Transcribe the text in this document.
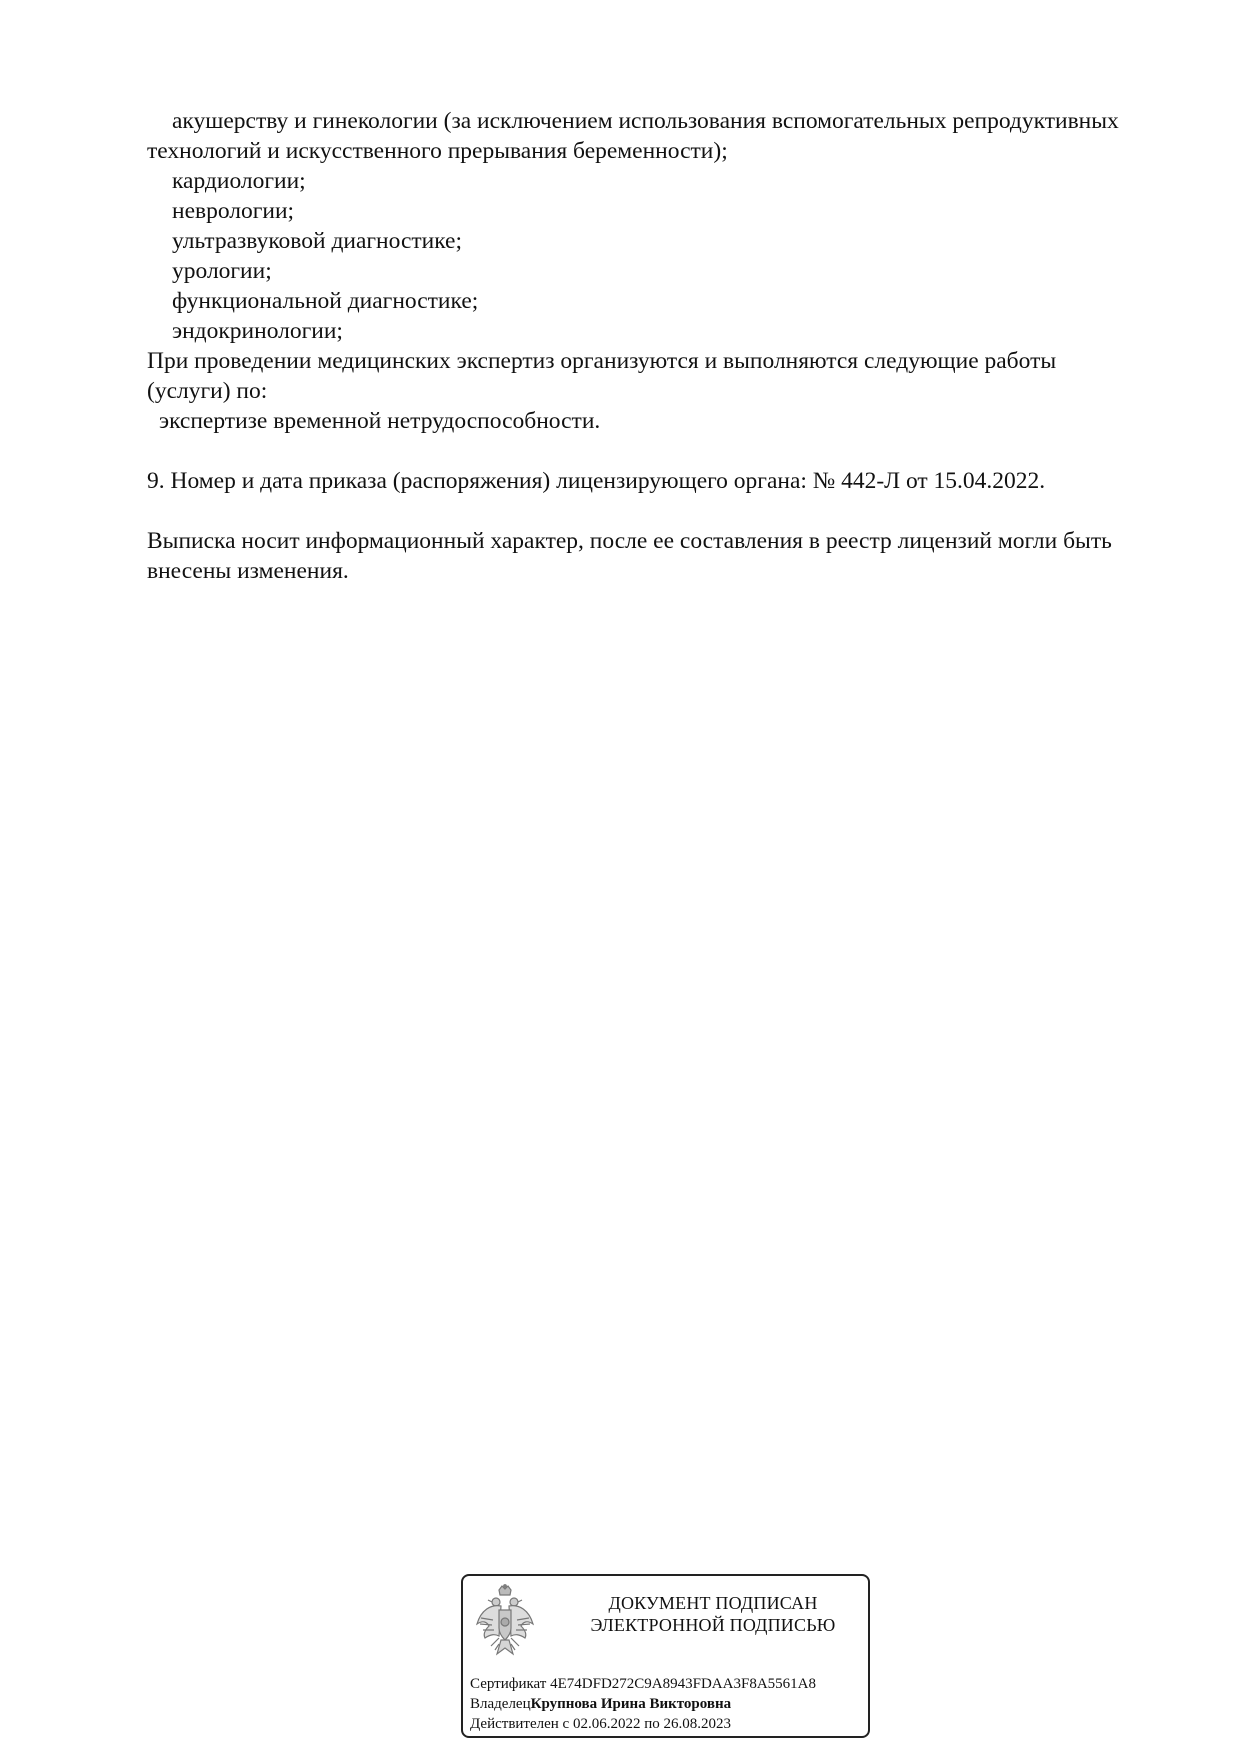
акушерству и гинекологии (за исключением использования вспомогательных репродуктивных
технологий и искусственного прерывания беременности);
кардиологии;
неврологии;
ультразвуковой диагностике;
урологии;
функциональной диагностике;
эндокринологии;
При проведении медицинских экспертиз организуются и выполняются следующие работы
(услуги) по:
экспертизе временной нетрудоспособности.
9. Номер и дата приказа (распоряжения) лицензирующего органа: № 442-Л от 15.04.2022.
Выписка носит информационный характер, после ее составления в реестр лицензий могли быть
внесены изменения.
ДОКУМЕНТ ПОДПИСАН
ЭЛЕКТРОННОЙ ПОДПИСЬЮ
Сертификат 4E74DFD272C9A8943FDAA3F8A5561A8
ВладелецКрупнова Ирина Викторовна
Действителен с 02.06.2022 по 26.08.2023
